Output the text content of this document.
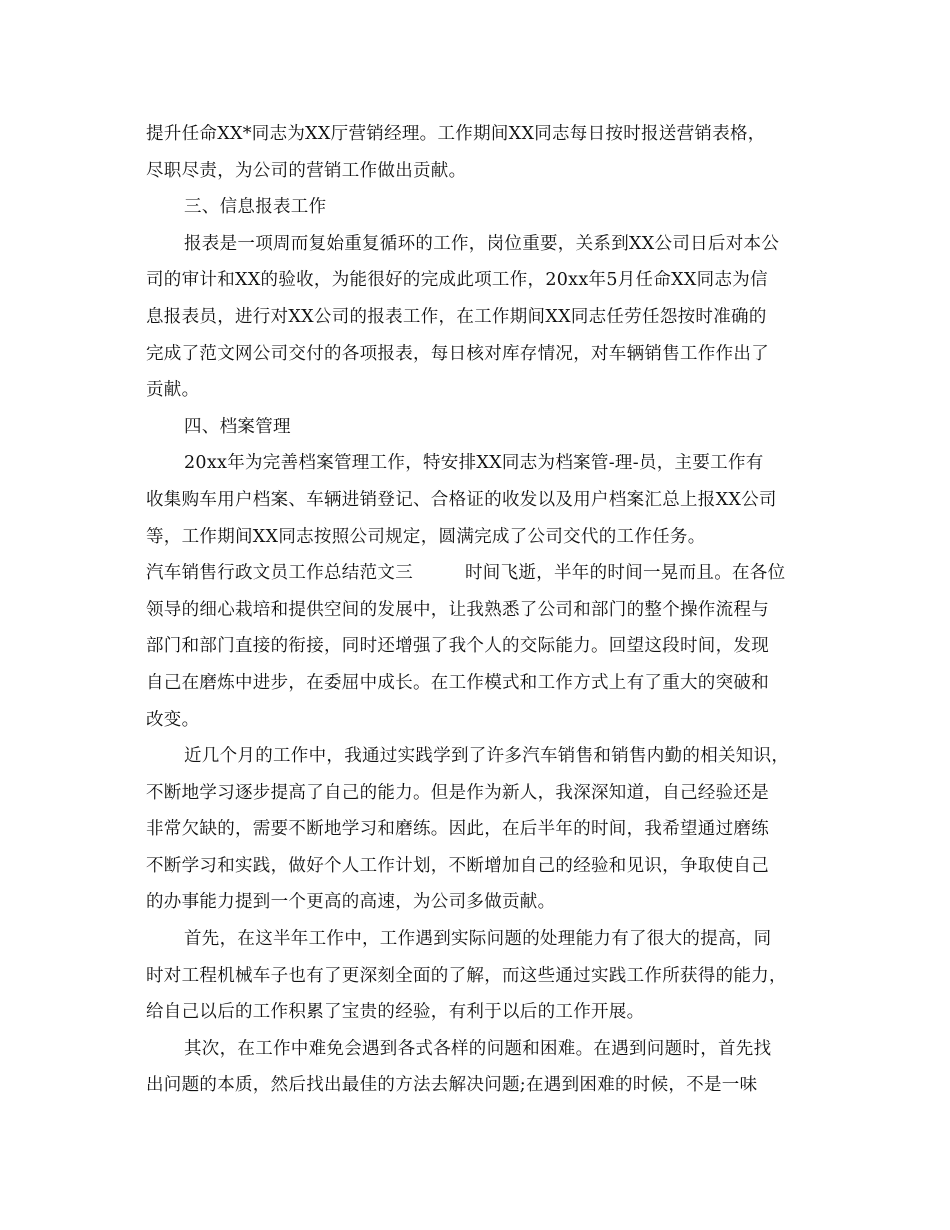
提升任命XX*同志为XX厅营销经理。工作期间XX同志每日按时报送营销表格，
尽职尽责，为公司的营销工作做出贡献。
三、信息报表工作
报表是一项周而复始重复循环的工作，岗位重要，关系到XX公司日后对本公
司的审计和XX的验收，为能很好的完成此项工作，20xx年5月任命XX同志为信
息报表员，进行对XX公司的报表工作，在工作期间XX同志任劳任怨按时准确的
完成了范文网公司交付的各项报表，每日核对库存情况，对车辆销售工作作出了
贡献。
四、档案管理
20xx年为完善档案管理工作，特安排XX同志为档案管-理-员，主要工作有
收集购车用户档案、车辆进销登记、合格证的收发以及用户档案汇总上报XX公司
等，工作期间XX同志按照公司规定，圆满完成了公司交代的工作任务。
汽车销售行政文员工作总结范文三	时间飞逝，半年的时间一晃而且。在各位
领导的细心栽培和提供空间的发展中，让我熟悉了公司和部门的整个操作流程与
部门和部门直接的衔接，同时还增强了我个人的交际能力。回望这段时间，发现
自己在磨炼中进步，在委屈中成长。在工作模式和工作方式上有了重大的突破和
改变。
近几个月的工作中，我通过实践学到了许多汽车销售和销售内勤的相关知识，
不断地学习逐步提高了自己的能力。但是作为新人，我深深知道，自己经验还是
非常欠缺的，需要不断地学习和磨练。因此，在后半年的时间，我希望通过磨练
不断学习和实践，做好个人工作计划，不断增加自己的经验和见识，争取使自己
的办事能力提到一个更高的高速，为公司多做贡献。
首先，在这半年工作中，工作遇到实际问题的处理能力有了很大的提高，同
时对工程机械车子也有了更深刻全面的了解，而这些通过实践工作所获得的能力，
给自己以后的工作积累了宝贵的经验，有利于以后的工作开展。
其次，在工作中难免会遇到各式各样的问题和困难。在遇到问题时，首先找
出问题的本质，然后找出最佳的方法去解决问题;在遇到困难的时候，不是一味
